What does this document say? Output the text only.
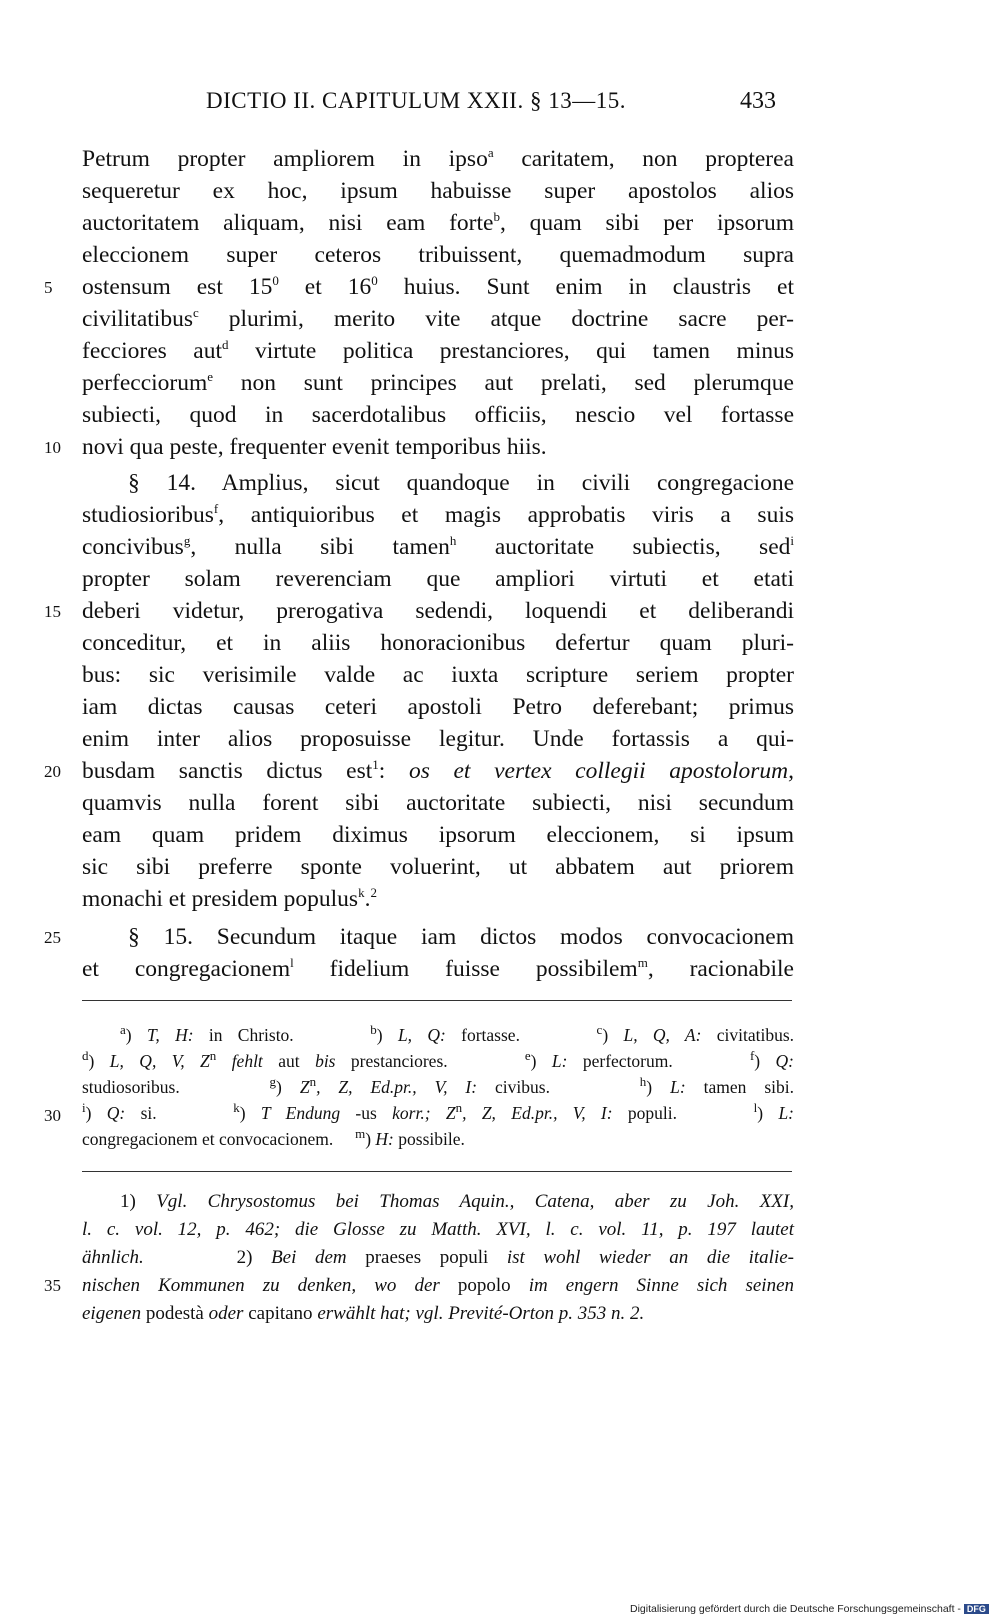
DICTIO II. CAPITULUM XXII. § 13—15.	433
Petrum propter ampliorem in ipso$^a$ caritatem, non propterea
sequeretur ex hoc, ipsum habuisse super apostolos alios
auctoritatem aliquam, nisi eam forte$^b$, quam sibi per ipsorum
eleccionem super ceteros tribuissent, quemadmodum supra
ostensum est $15^0$ et $16^0$ huius. Sunt enim in claustris et
civilitatibus$^c$ plurimi, merito vite atque doctrine sacre per-
fecciores aut$^d$ virtute politica prestanciores, qui tamen minus
perfecciorum$^e$ non sunt principes aut prelati, sed plerumque
subiecti, quod in sacerdotalibus officiis, nescio vel fortasse
novi qua peste, frequenter evenit temporibus hiis.
§ 14. Amplius, sicut quandoque in civili congregacione
studiosioribus$^f$, antiquioribus et magis approbatis viris a suis
concivibus$^g$, nulla sibi tamen$^h$ auctoritate subiectis, sed$^i$
propter solam reverenciam que ampliori virtuti et etati
deberi videtur, prerogativa sedendi, loquendi et deliberandi
conceditur, et in aliis honoracionibus defertur quam pluri-
bus: sic verisimile valde ac iuxta scripture seriem propter
iam dictas causas ceteri apostoli Petro deferebant; primus
enim inter alios proposuisse legitur. Unde fortassis a qui-
busdam sanctis dictus est$^1$: os et vertex collegii apostolorum,
quamvis nulla forent sibi auctoritate subiecti, nisi secundum
eam quam pridem diximus ipsorum eleccionem, si ipsum
sic sibi preferre sponte voluerint, ut abbatem aut priorem
monachi et presidem populus$^k$.$^2$
§ 15. Secundum itaque iam dictos modos convocacionem
et congregacionem$^l$ fidelium fuisse possibilem$^m$, racionabile
5
10
15
20
25
30
35
$^a$) T, H: in Christo.     $^b$) L, Q: fortasse.     $^c$) L, Q, A: civitatibus.
$^d$) L, Q, V, $Z^n$ fehlt aut bis prestanciores.     $^e$) L: perfectorum.     $^f$) Q:
studiosoribus.     $^g$) $Z^n$, Z, Ed.pr., V, I: civibus.     $^h$) L: tamen sibi.
$^i$) Q: si.     $^k$) T Endung -us korr.; $Z^n$, Z, Ed.pr., V, I: populi.     $^l$) L:
congregacionem et convocacionem.     $^m$) H: possibile.
1) Vgl. Chrysostomus bei Thomas Aquin., Catena, aber zu Joh. XXI,
l. c. vol. 12, p. 462; die Glosse zu Matth. XVI, l. c. vol. 11, p. 197 lautet
ähnlich.     2) Bei dem praeses populi ist wohl wieder an die italie-
nischen Kommunen zu denken, wo der popolo im engern Sinne sich seinen
eigenen podestà oder capitano erwählt hat; vgl. Previté-Orton p. 353 n. 2.
Digitalisierung gefördert durch die Deutsche Forschungsgemeinschaft - DFG
